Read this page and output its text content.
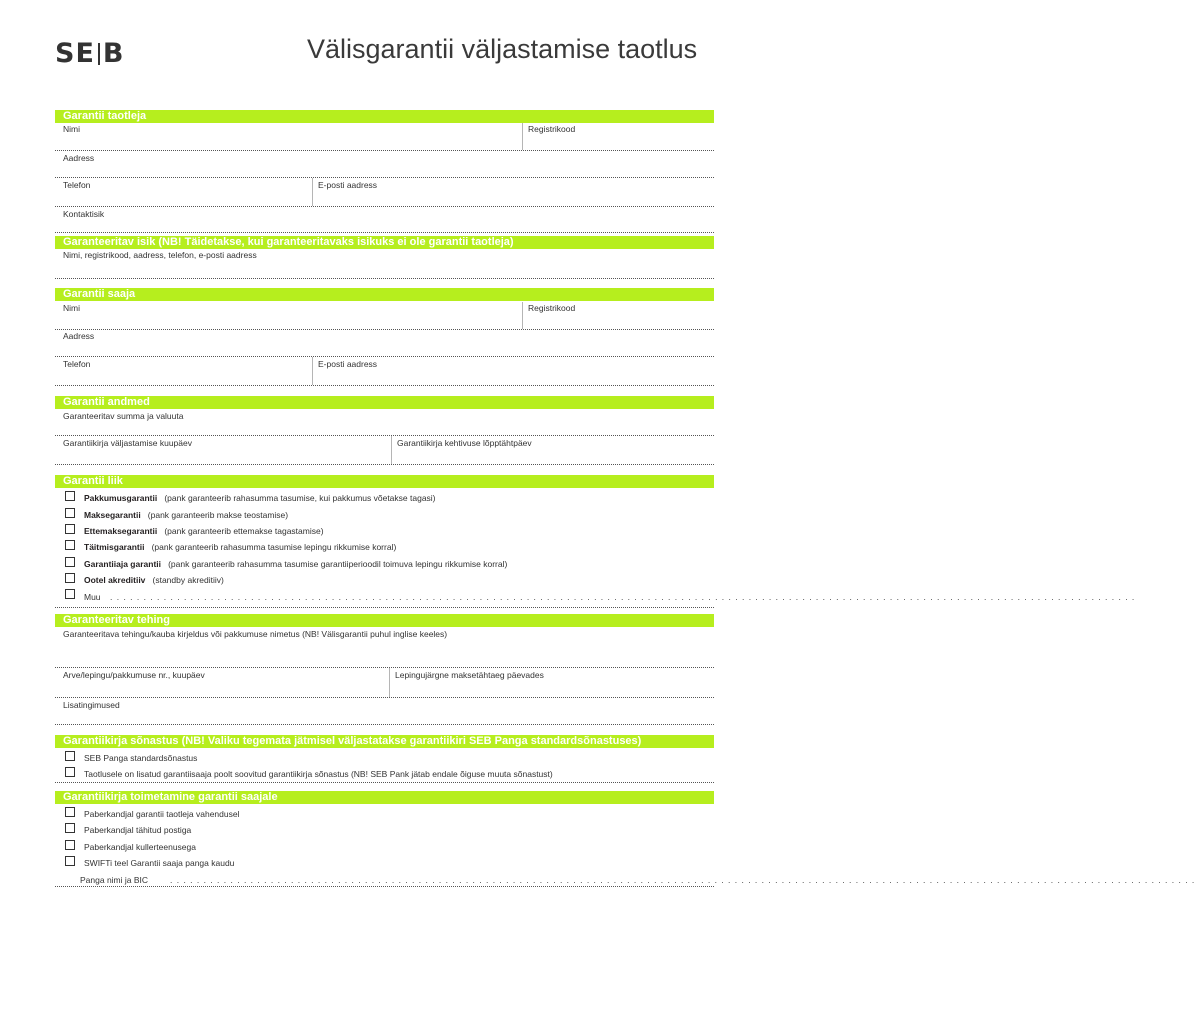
SE B	Välisgarantii väljastamise taotlus
Garantii taotleja
Nimi	Registrikood
Aadress
Telefon	E-posti aadress
Kontaktisik
Garanteeritav isik (NB! Täidetakse, kui garanteeritavaks isikuks ei ole garantii taotleja)
Nimi, registrikood, aadress, telefon, e-posti aadress
Garantii saaja
Nimi	Registrikood
Aadress
Telefon	E-posti aadress
Garantii andmed
Garanteeritav summa ja valuuta
Garantiikirja väljastamise kuupäev	Garantiikirja kehtivuse lõpptähtpäev
Garantii liik
Pakkumusgarantii (pank garanteerib rahasumma tasumise, kui pakkumus võetakse tagasi)
Maksegarantii (pank garanteerib makse teostamise)
Ettemaksegarantii (pank garanteerib ettemakse tagastamise)
Täitmisgarantii (pank garanteerib rahasumma tasumise lepingu rikkumise korral)
Garantiiaja garantii (pank garanteerib rahasumma tasumise garantiiperioodil toimuva lepingu rikkumise korral)
Ootel akreditiiv (standby akreditiiv)
Muu . . . . . . . . . . . . . . . . . . . . . . . . . . . . . . . . . . . . . . . . . . . . . . . . . . . . . . . . . . . . . . . . . . . . . . . . . . . . . . . . . . . . . . . . . . . . . . . . . . . . . . . . . . . . . . . . . . . . . . . . . . . . . . . . . . . . . . . . . . . . . . . . . . . . . . . . .
Garanteeritav tehing
Garanteeritava tehingu/kauba kirjeldus või pakkumuse nimetus (NB! Välisgarantii puhul inglise keeles)
Arve/lepingu/pakkumuse nr., kuupäev	Lepingujärgne maksetähtaeg päevades
Lisatingimused
Garantiikirja sõnastus (NB! Valiku tegemata jätmisel väljastatakse garantiikiri SEB Panga standardsõnastuses)
SEB Panga standardsõnastus
Taotlusele on lisatud garantiisaaja poolt soovitud garantiikirja sõnastus (NB! SEB Pank jätab endale õiguse muuta sõnastust)
Garantiikirja toimetamine garantii saajale
Paberkandjal garantii taotleja vahendusel
Paberkandjal tähitud postiga
Paberkandjal kullerteenusega
SWIFTi teel Garantii saaja panga kaudu
Panga nimi ja BIC	. . . . . . . . . . . . . . . . . . . . . . . . . . . . . . . . . . . . . . . . . . . . . . . . . . . . . . . . . . . . . . . . . . . . . . . . . . . . . . . . . . . . . . . . . . . . . . . . . . . . . . . . . . . . . . . . . . . . . . . . . . . . . . . . . . . . . . . . . . . . . . . . . . . . . . . . .
